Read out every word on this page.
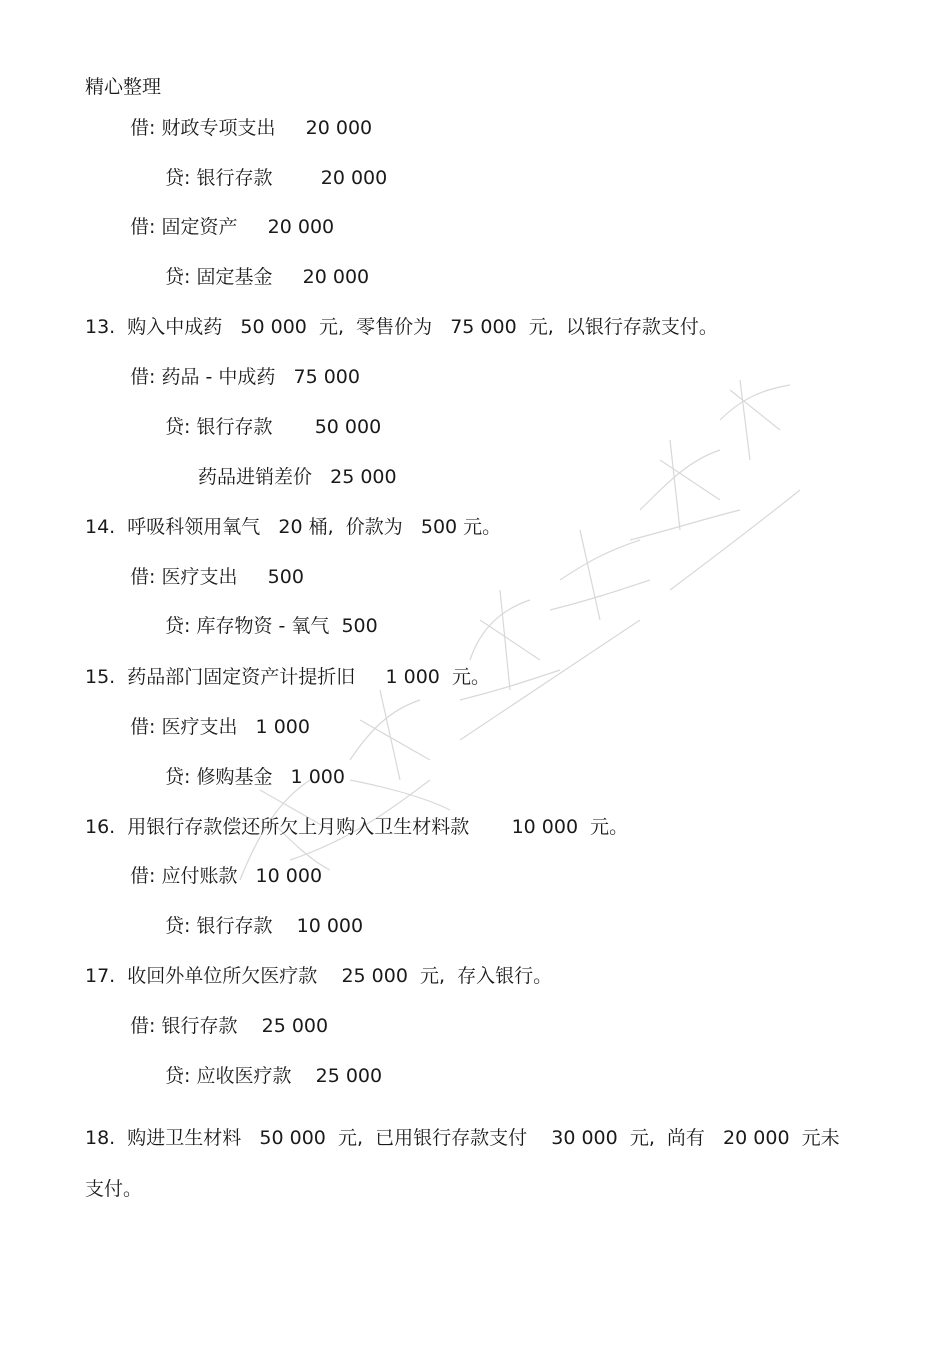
精心整理
借: 财政专项支出     20 000
贷: 银行存款        20 000
借: 固定资产     20 000
贷: 固定基金     20 000
13.  购入中成药   50 000  元,  零售价为   75 000  元,  以银行存款支付。
借: 药品 - 中成药   75 000
贷: 银行存款       50 000
药品进销差价   25 000
14.  呼吸科领用氧气   20 桶,  价款为   500 元。
借: 医疗支出     500
贷: 库存物资 - 氧气  500
15.  药品部门固定资产计提折旧     1 000  元。
借: 医疗支出   1 000
贷: 修购基金   1 000
16.  用银行存款偿还所欠上月购入卫生材料款       10 000  元。
借: 应付账款   10 000
贷: 银行存款    10 000
17.  收回外单位所欠医疗款    25 000  元,  存入银行。
借: 银行存款    25 000
贷: 应收医疗款    25 000
18.  购进卫生材料   50 000  元,  已用银行存款支付    30 000  元,  尚有   20 000  元未
支付。
